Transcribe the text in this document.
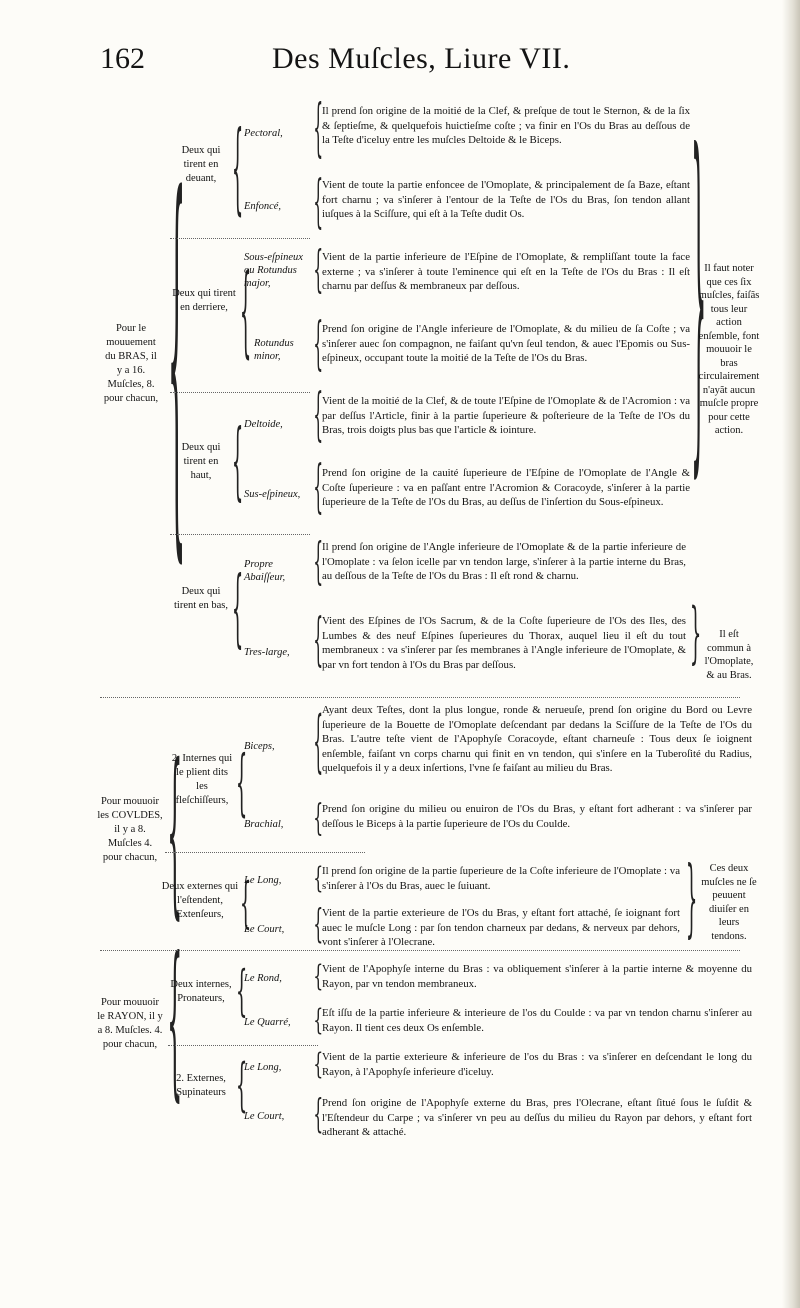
162	Des Muſcles, Liure VII.
Pour le mouuement du BRAS, il y a 16. Muſcles, 8. pour chacun,
Pour mouuoir les COVLDES, il y a 8. Muſcles 4. pour chacun,
Pour mouuoir le RAYON, il y a 8. Muſcles. 4. pour chacun,
{
{
{
Deux qui tirent en deuant,
Deux qui tirent en derriere,
Deux qui tirent en haut,
Deux qui tirent en bas,
2. Internes qui le plient dits les fleſchiſſeurs,
Deux externes qui l'eſtendent, Extenſeurs,
Deux internes, Pronateurs,
2. Externes, Supinateurs
{
{
{
{
{
{
{
{
Pectoral,
Enfoncé,
Sous-eſpineux ou Rotundus major,
Rotundus minor,
Deltoide,
Sus-eſpineux,
Propre Abaiſſeur,
Tres-large,
Biceps,
Brachial,
Le Long,
Le Court,
Le Rond,
Le Quarré,
Le Long,
Le Court,
{
{
{
{
{
{
{
{
{
{
{
{
{
{
{
{
Il prend ſon origine de la moitié de la Clef, & preſque de tout le Sternon, & de la ſix & ſeptieſme, & quelquefois huictieſme coſte ; va finir en l'Os du Bras au deſſous de la Teſte d'iceluy entre les muſcles Deltoide & le Biceps.
Vient de toute la partie enfoncee de l'Omoplate, & principalement de ſa Baze, eſtant fort charnu ; va s'inſerer à l'entour de la Teſte de l'Os du Bras, ſon tendon allant iuſques à la Sciſſure, qui eſt à la Teſte dudit Os.
Vient de la partie inferieure de l'Eſpine de l'Omoplate, & rempliſſant toute la face externe ; va s'inſerer à toute l'eminence qui eſt en la Teſte de l'Os du Bras : Il eſt charnu par deſſus & membraneux par deſſous.
Prend ſon origine de l'Angle inferieure de l'Omoplate, & du milieu de ſa Coſte ; va s'inſerer auec ſon compagnon, ne faiſant qu'vn ſeul tendon, & auec l'Epomis ou Sus-eſpineux, occupant toute la moitié de la Teſte de l'Os du Bras.
Vient de la moitié de la Clef, & de toute l'Eſpine de l'Omoplate & de l'Acromion : va par deſſus l'Article, finir à la partie ſuperieure & poſterieure de la Teſte de l'Os du Bras, trois doigts plus bas que l'article & iointure.
Prend ſon origine de la cauité ſuperieure de l'Eſpine de l'Omoplate de l'Angle & Coſte ſuperieure : va en paſſant entre l'Acromion & Coracoyde, s'inſerer à la partie ſuperieure de la Teſte de l'Os du Bras, au deſſus de l'inſertion du Sous-eſpineux.
Il prend ſon origine de l'Angle inferieure de l'Omoplate & de la partie inferieure de l'Omoplate : va ſelon icelle par vn tendon large, s'inſerer à la partie interne du Bras, au deſſous de la Teſte de l'Os du Bras : Il eſt rond & charnu.
Vient des Eſpines de l'Os Sacrum, & de la Coſte ſuperieure de l'Os des Iles, des Lumbes & des neuf Eſpines ſuperieures du Thorax, auquel lieu il eſt du tout membraneux : va s'inſerer par ſes membranes à l'Angle inferieure de l'Omoplate, & par vn fort tendon à l'Os du Bras par deſſous.
Ayant deux Teſtes, dont la plus longue, ronde & nerueuſe, prend ſon origine du Bord ou Levre ſuperieure de la Bouette de l'Omoplate deſcendant par dedans la Sciſſure de la Teſte de l'Os du Bras. L'autre teſte vient de l'Apophyſe Coracoyde, eſtant charneuſe : Tous deux ſe ioignent enſemble, faiſant vn corps charnu qui finit en vn tendon, qui s'inſere en la Tuberoſité du Radius, quelquefois il y a deux inſertions, l'vne ſe faiſant au milieu du Bras.
Prend ſon origine du milieu ou enuiron de l'Os du Bras, y eſtant fort adherant : va s'inſerer par deſſous le Biceps à la partie ſuperieure de l'Os du Coulde.
Il prend ſon origine de la partie ſuperieure de la Coſte inferieure de l'Omoplate : va s'inſerer à l'Os du Bras, auec le ſuiuant.
Vient de la partie exterieure de l'Os du Bras, y eſtant fort attaché, ſe ioignant fort auec le muſcle Long : par ſon tendon charneux par dedans, & nerveux par dehors, vont s'inſerer à l'Olecrane.
Vient de l'Apophyſe interne du Bras : va obliquement s'inſerer à la partie interne & moyenne du Rayon, par vn tendon membraneux.
Eſt iſſu de la partie inferieure & interieure de l'os du Coulde : va par vn tendon charnu s'inſerer au Rayon. Il tient ces deux Os enſemble.
Vient de la partie exterieure & inferieure de l'os du Bras : va s'inſerer en deſcendant le long du Rayon, à l'Apophyſe inferieure d'iceluy.
Prend ſon origine de l'Apophyſe externe du Bras, pres l'Olecrane, eſtant ſitué ſous le ſuſdit & l'Eſtendeur du Carpe ; va s'inſerer vn peu au deſſus du milieu du Rayon par dehors, y eſtant fort adherant & attaché.
}
}
}
Il faut noter que ces ſix muſcles, faiſãs tous leur action enſemble, font mouuoir le bras circulairement n'ayãt aucun muſcle propre pour cette action.
Il eſt commun à l'Omoplate, & au Bras.
Ces deux muſcles ne ſe peuuent diuiſer en leurs tendons.
